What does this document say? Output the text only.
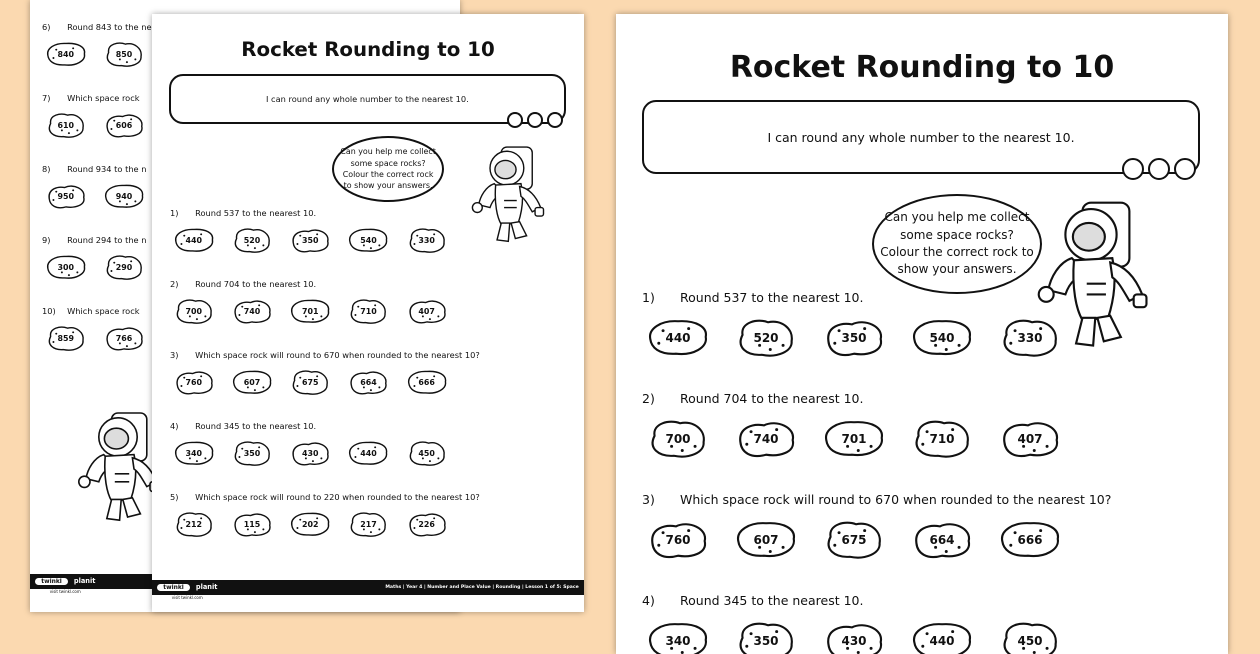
6)	Round 843 to the ne
840	850
7)	Which space rock
610	606
8)	Round 934 to the n
950	940
9)	Round 294 to the n
300	290
10)	Which space rock
859	766
twinkl	planit
visit twinkl.com
Rocket Rounding to 10
I can round any whole number to the nearest 10.
Can you help me collect some space rocks? Colour the correct rock to show your answers.
1)	Round 537 to the nearest 10.
440	520	350	540	330
2)	Round 704 to the nearest 10.
700	740	701	710	407
3)	Which space rock will round to 670 when rounded to the nearest 10?
760	607	675	664	666
4)	Round 345 to the nearest 10.
340	350	430	440	450
5)	Which space rock will round to 220 when rounded to the nearest 10?
212	115	202	217	226
twinkl	planit	Maths | Year 4 | Number and Place Value | Rounding | Lesson 1 of 5: Space
visit twinkl.com
Rocket Rounding to 10
I can round any whole number to the nearest 10.
Can you help me collect some space rocks? Colour the correct rock to show your answers.
1)	Round 537 to the nearest 10.
440	520	350	540	330
2)	Round 704 to the nearest 10.
700	740	701	710	407
3)	Which space rock will round to 670 when rounded to the nearest 10?
760	607	675	664	666
4)	Round 345 to the nearest 10.
340	350	430	440	450
